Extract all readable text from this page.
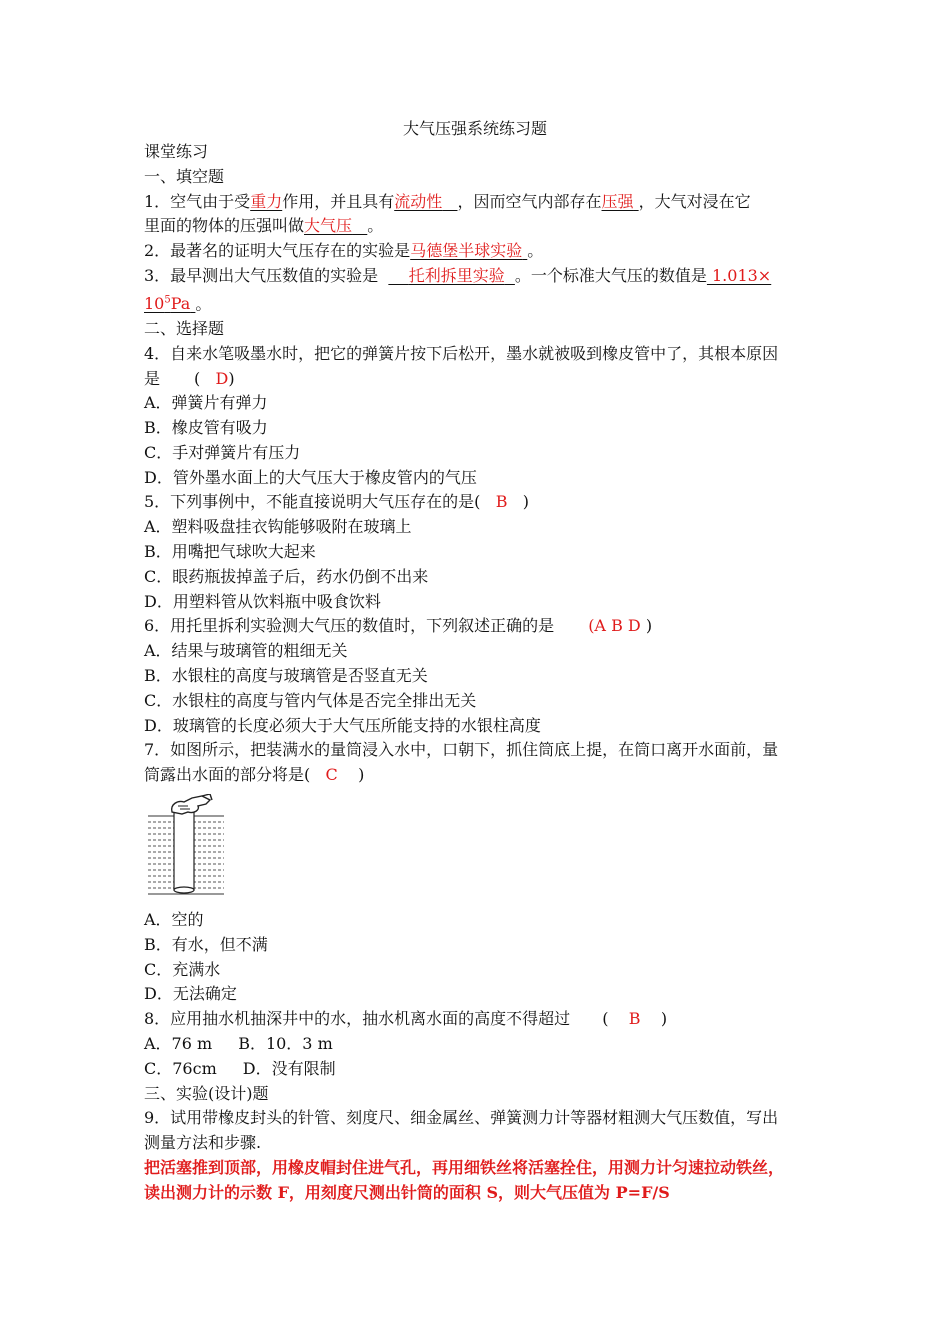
大气压强系统练习题

课堂练习

一、填空题

1．空气由于受重力作用，并且具有流动性 ，因而空气内部存在压强 ，大气对浸在它

里面的物体的压强叫做大气压 。

2．最著名的证明大气压存在的实验是马德堡半球实验 。

3．最早测出大气压数值的实验是 托利拆里实验 。一个标准大气压的数值是 1.013×

$10^5Pa$ 。

二、选择题

4．自来水笔吸墨水时，把它的弹簧片按下后松开，墨水就被吸到橡皮管中了，其根本原因

是 ( D)

A．弹簧片有弹力

B．橡皮管有吸力

C．手对弹簧片有压力

D．管外墨水面上的大气压大于橡皮管内的气压

5．下列事例中，不能直接说明大气压存在的是( B )

A．塑料吸盘挂衣钩能够吸附在玻璃上

B．用嘴把气球吹大起来

C．眼药瓶拔掉盖子后，药水仍倒不出来

D．用塑料管从饮料瓶中吸食饮料

6．用托里拆利实验测大气压的数值时，下列叙述正确的是 (A B D )

A．结果与玻璃管的粗细无关

B．水银柱的高度与玻璃管是否竖直无关

C．水银柱的高度与管内气体是否完全排出无关

D．玻璃管的长度必须大于大气压所能支持的水银柱高度

7．如图所示，把装满水的量筒浸入水中，口朝下，抓住筒底上提，在筒口离开水面前，量

筒露出水面的部分将是( C )

A．空的

B．有水，但不满

C．充满水

D．无法确定

8．应用抽水机抽深井中的水，抽水机离水面的高度不得超过 ( B )

A．76 m B．10．3 m

C．76cm D．没有限制

三、实验(设计)题

9．试用带橡皮封头的针管、刻度尺、细金属丝、弹簧测力计等器材粗测大气压数值，写出

测量方法和步骤.

把活塞推到顶部，用橡皮帽封住进气孔，再用细铁丝将活塞拴住，用测力计匀速拉动铁丝，

读出测力计的示数 F，用刻度尺测出针筒的面积 S，则大气压值为 P=F/S
